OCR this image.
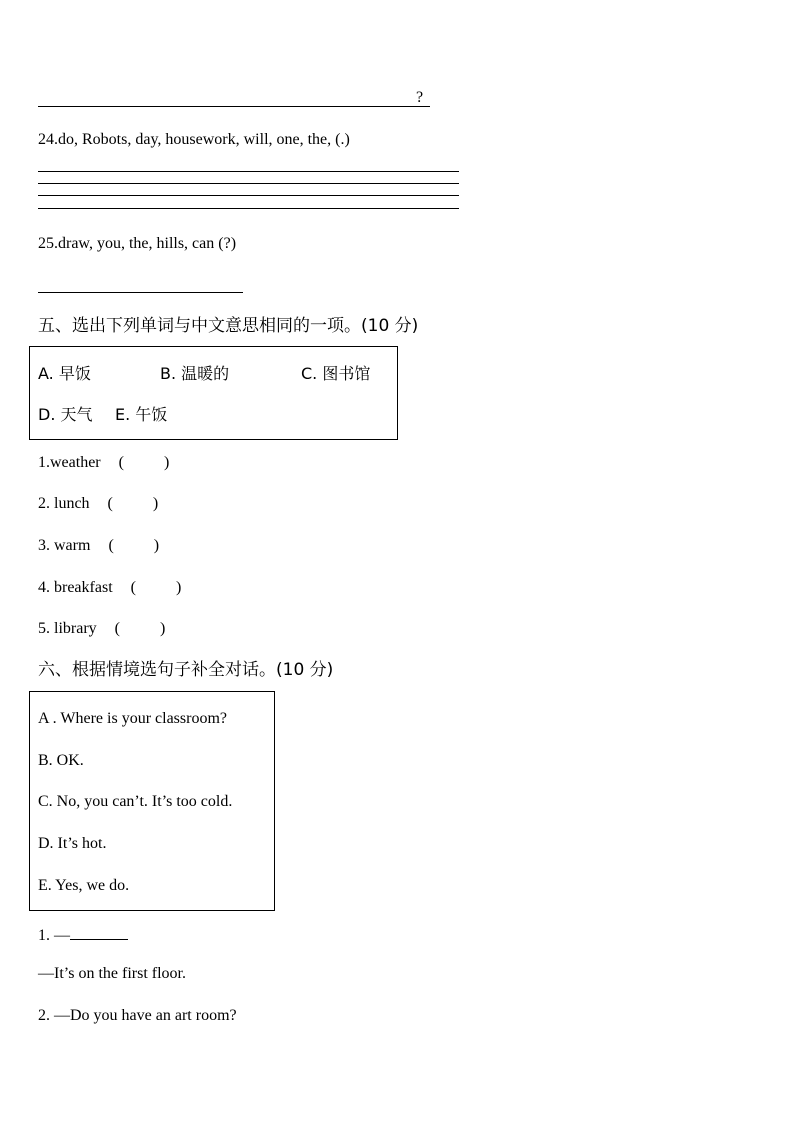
?
24.do, Robots, day, housework, will, one, the, (.)
25.draw, you, the, hills, can (?)
五、选出下列单词与中文意思相同的一项。(10 分)
A. 早饭	B. 温暖的	C. 图书馆
D. 天气 E. 午饭
1.weather (          )
2. lunch (          )
3. warm (          )
4. breakfast (          )
5. library (          )
六、根据情境选句子补全对话。(10 分)
A . Where is your classroom?
B. OK.
C. No, you can’t. It’s too cold.
D. It’s hot.
E. Yes, we do.
1. —
—It’s on the first floor.
2. —Do you have an art room?
